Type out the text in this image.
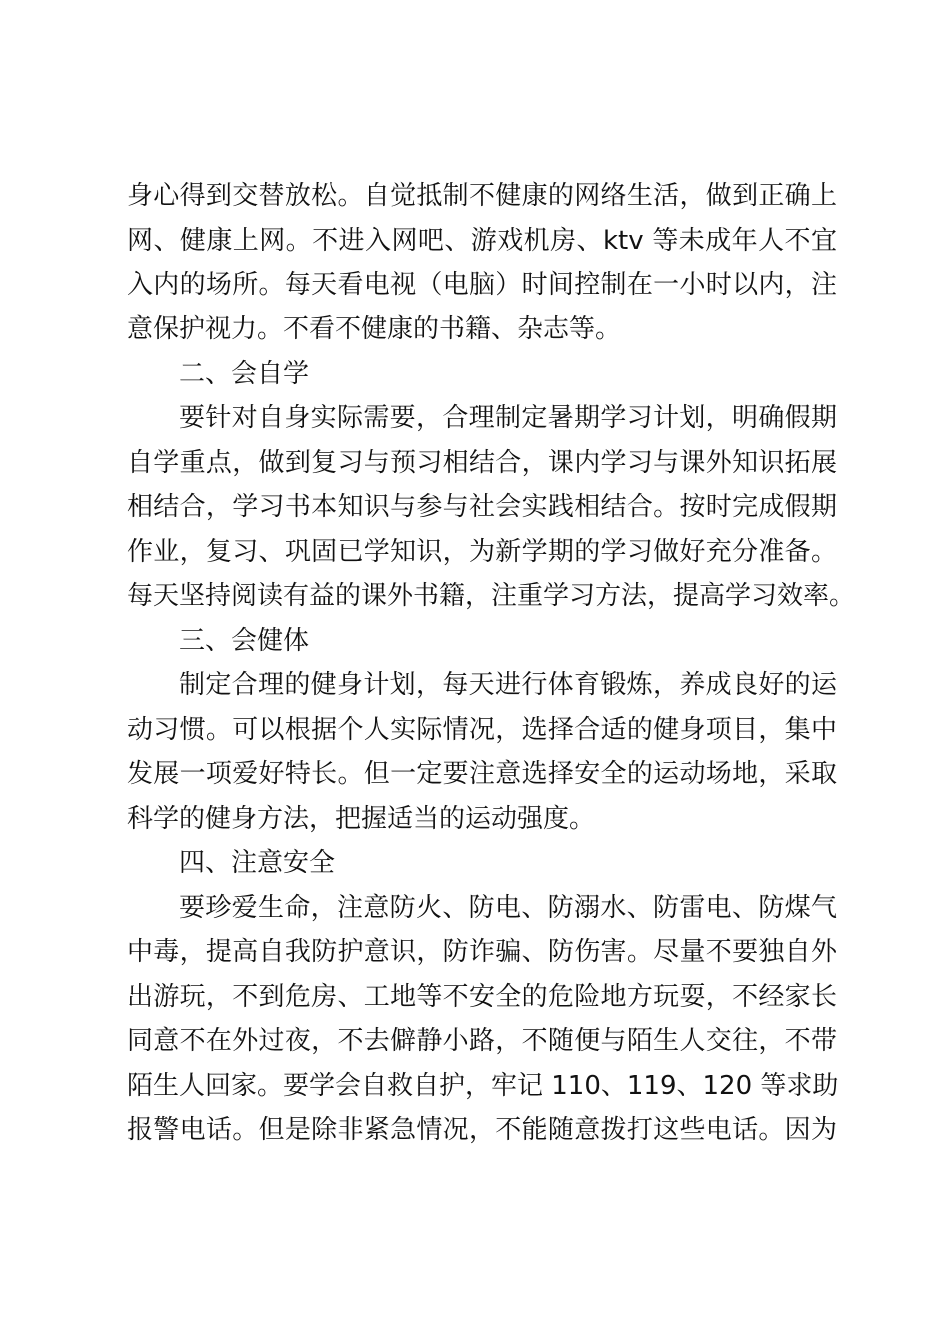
身心得到交替放松。自觉抵制不健康的网络生活，做到正确上
网、健康上网。不进入网吧、游戏机房、ktv 等未成年人不宜
入内的场所。每天看电视（电脑）时间控制在一小时以内，注
意保护视力。不看不健康的书籍、杂志等。
二、会自学
要针对自身实际需要，合理制定暑期学习计划，明确假期
自学重点，做到复习与预习相结合，课内学习与课外知识拓展
相结合，学习书本知识与参与社会实践相结合。按时完成假期
作业，复习、巩固已学知识，为新学期的学习做好充分准备。
每天坚持阅读有益的课外书籍，注重学习方法，提高学习效率。
三、会健体
制定合理的健身计划，每天进行体育锻炼，养成良好的运
动习惯。可以根据个人实际情况，选择合适的健身项目，集中
发展一项爱好特长。但一定要注意选择安全的运动场地，采取
科学的健身方法，把握适当的运动强度。
四、注意安全
要珍爱生命，注意防火、防电、防溺水、防雷电、防煤气
中毒，提高自我防护意识，防诈骗、防伤害。尽量不要独自外
出游玩，不到危房、工地等不安全的危险地方玩耍，不经家长
同意不在外过夜，不去僻静小路，不随便与陌生人交往，不带
陌生人回家。要学会自救自护，牢记 110、119、120 等求助
报警电话。但是除非紧急情况，不能随意拨打这些电话。因为
